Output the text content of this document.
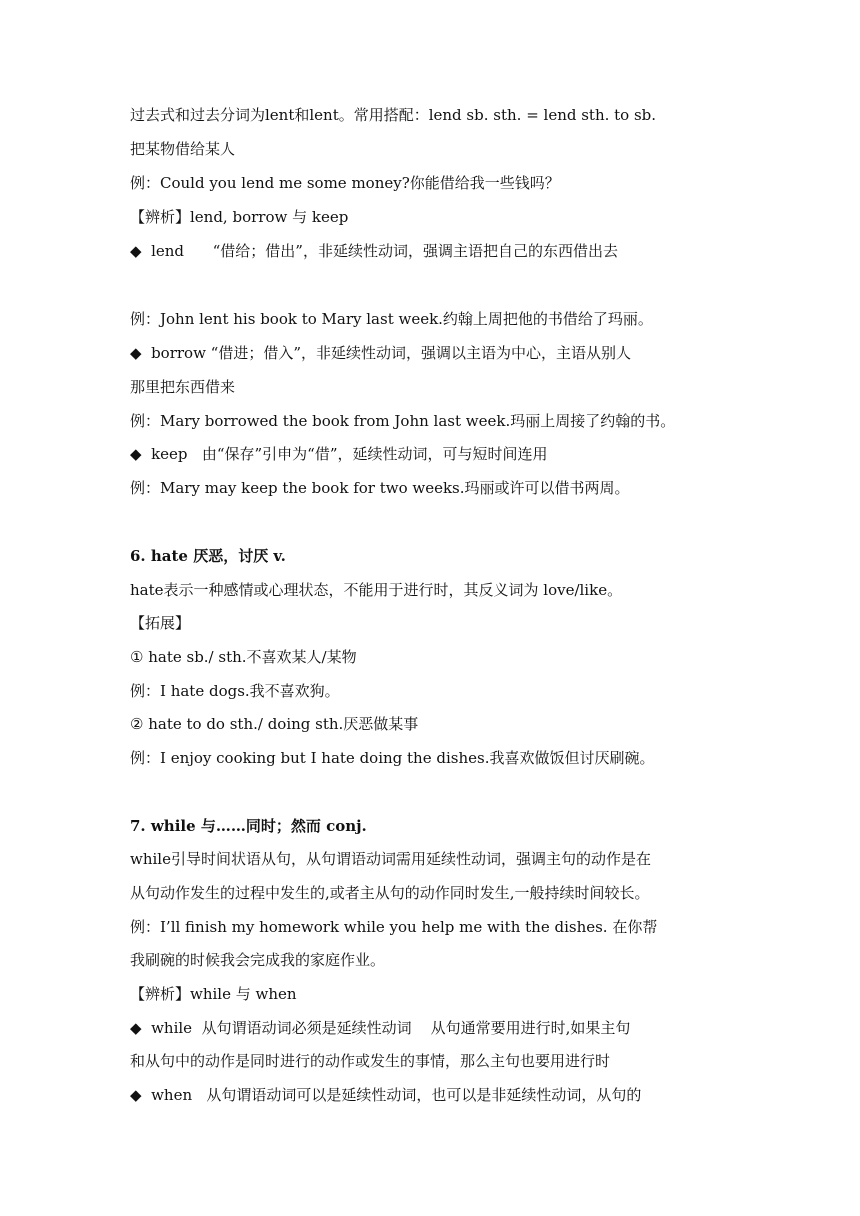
过去式和过去分词为lent和lent。常用搭配：lend sb. sth. = lend sth. to sb.
把某物借给某人
例：Could you lend me some money?你能借给我一些钱吗？
【辨析】lend, borrow 与 keep
◆  lend      “借给；借出”，非延续性动词，强调主语把自己的东西借出去
例：John lent his book to Mary last week.约翰上周把他的书借给了玛丽。
◆  borrow “借进；借入”，非延续性动词，强调以主语为中心，主语从别人
那里把东西借来
例：Mary borrowed the book from John last week.玛丽上周接了约翰的书。
◆  keep   由“保存”引申为“借”，延续性动词，可与短时间连用
例：Mary may keep the book for two weeks.玛丽或许可以借书两周。
6. hate 厌恶，讨厌 v.
hate表示一种感情或心理状态，不能用于进行时，其反义词为 love/like。
【拓展】
① hate sb./ sth.不喜欢某人/某物
例：I hate dogs.我不喜欢狗。
② hate to do sth./ doing sth.厌恶做某事
例：I enjoy cooking but I hate doing the dishes.我喜欢做饭但讨厌刷碗。
7. while 与……同时；然而 conj.
while引导时间状语从句，从句谓语动词需用延续性动词，强调主句的动作是在
从句动作发生的过程中发生的,或者主从句的动作同时发生,一般持续时间较长。
例：I’ll finish my homework while you help me with the dishes. 在你帮
我刷碗的时候我会完成我的家庭作业。
【辨析】while 与 when
◆  while  从句谓语动词必须是延续性动词    从句通常要用进行时,如果主句
和从句中的动作是同时进行的动作或发生的事情，那么主句也要用进行时
◆  when   从句谓语动词可以是延续性动词，也可以是非延续性动词，从句的
